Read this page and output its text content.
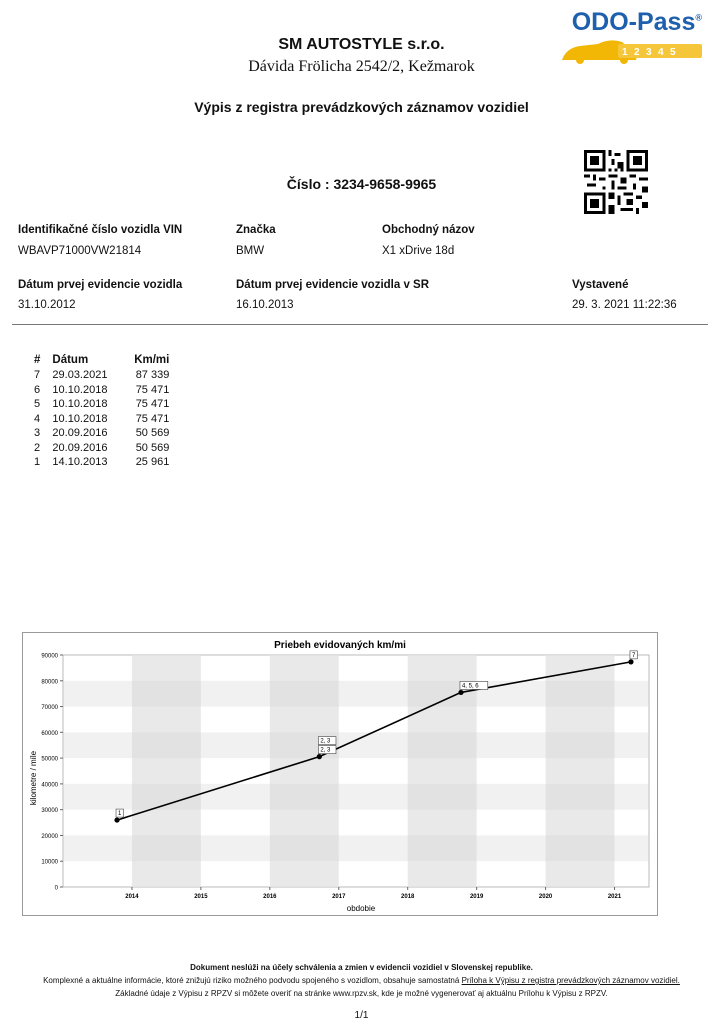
SM AUTOSTYLE s.r.o.
Dávida Frölicha 2542/2, Kežmarok
ODO-Pass®
1 2 3 4 5
Výpis z registra prevádzkových záznamov vozidiel
Číslo : 3234-9658-9965
Identifikačné číslo vozidla VIN
WBAVP71000VW21814
Značka
BMW
Obchodný názov
X1 xDrive 18d
Dátum prvej evidencie vozidla
31.10.2012
Dátum prvej evidencie vozidla v SR
16.10.2013
Vystavené
29. 3. 2021 11:22:36
#	Dátum	Km/mi
7	29.03.2021	87 339
6	10.10.2018	75 471
5	10.10.2018	75 471
4	10.10.2018	75 471
3	20.09.2016	50 569
2	20.09.2016	50 569
1	14.10.2013	25 961
Priebeh evidovaných km/mi
0
10000
20000
30000
40000
50000
60000
70000
80000
90000
2014	2015	2016	2017	2018	2019	2020	2021
1
2, 3
4, 5, 6
7
2, 3
obdobie
kilometre / míle
Dokument neslúži na účely schválenia a zmien v evidencii vozidiel v Slovenskej republike.
Komplexné a aktuálne informácie, ktoré znižujú riziko možného podvodu spojeného s vozidlom, obsahuje samostatná Príloha k Výpisu z registra prevádzkových záznamov vozidiel.
Základné údaje z Výpisu z RPZV si môžete overiť na stránke www.rpzv.sk, kde je možné vygenerovať aj aktuálnu Prílohu k Výpisu z RPZV.
1/1
